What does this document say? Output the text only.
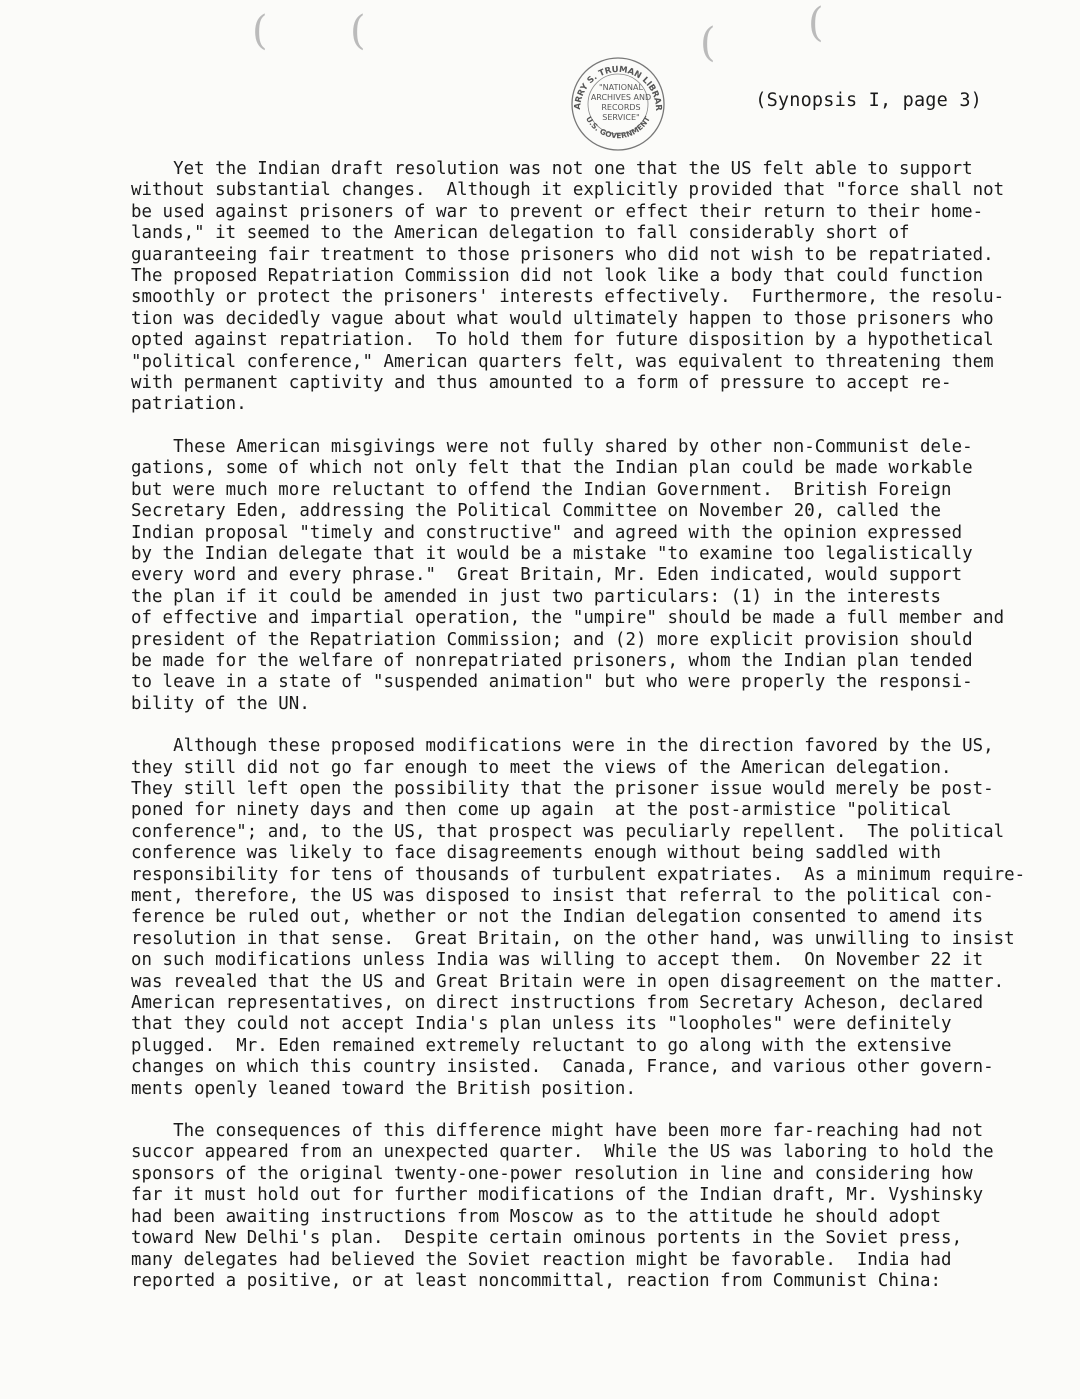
( (	( (
ARRY S. TRUMAN LIBRAR
U.S. GOVERNMENT
"NATIONAL
ARCHIVES AND
RECORDS
SERVICE"
(Synopsis I, page 3)
Yet the Indian draft resolution was not one that the US felt able to support
without substantial changes.  Although it explicitly provided that "force shall not
be used against prisoners of war to prevent or effect their return to their home-
lands," it seemed to the American delegation to fall considerably short of
guaranteeing fair treatment to those prisoners who did not wish to be repatriated.
The proposed Repatriation Commission did not look like a body that could function
smoothly or protect the prisoners' interests effectively.  Furthermore, the resolu-
tion was decidedly vague about what would ultimately happen to those prisoners who
opted against repatriation.  To hold them for future disposition by a hypothetical
"political conference," American quarters felt, was equivalent to threatening them
with permanent captivity and thus amounted to a form of pressure to accept re-
patriation.
These American misgivings were not fully shared by other non-Communist dele-
gations, some of which not only felt that the Indian plan could be made workable
but were much more reluctant to offend the Indian Government.  British Foreign
Secretary Eden, addressing the Political Committee on November 20, called the
Indian proposal "timely and constructive" and agreed with the opinion expressed
by the Indian delegate that it would be a mistake "to examine too legalistically
every word and every phrase."  Great Britain, Mr. Eden indicated, would support
the plan if it could be amended in just two particulars: (1) in the interests
of effective and impartial operation, the "umpire" should be made a full member and
president of the Repatriation Commission; and (2) more explicit provision should
be made for the welfare of nonrepatriated prisoners, whom the Indian plan tended
to leave in a state of "suspended animation" but who were properly the responsi-
bility of the UN.
Although these proposed modifications were in the direction favored by the US,
they still did not go far enough to meet the views of the American delegation.
They still left open the possibility that the prisoner issue would merely be post-
poned for ninety days and then come up again  at the post-armistice "political
conference"; and, to the US, that prospect was peculiarly repellent.  The political
conference was likely to face disagreements enough without being saddled with
responsibility for tens of thousands of turbulent expatriates.  As a minimum require-
ment, therefore, the US was disposed to insist that referral to the political con-
ference be ruled out, whether or not the Indian delegation consented to amend its
resolution in that sense.  Great Britain, on the other hand, was unwilling to insist
on such modifications unless India was willing to accept them.  On November 22 it
was revealed that the US and Great Britain were in open disagreement on the matter.
American representatives, on direct instructions from Secretary Acheson, declared
that they could not accept India's plan unless its "loopholes" were definitely
plugged.  Mr. Eden remained extremely reluctant to go along with the extensive
changes on which this country insisted.  Canada, France, and various other govern-
ments openly leaned toward the British position.
The consequences of this difference might have been more far-reaching had not
succor appeared from an unexpected quarter.  While the US was laboring to hold the
sponsors of the original twenty-one-power resolution in line and considering how
far it must hold out for further modifications of the Indian draft, Mr. Vyshinsky
had been awaiting instructions from Moscow as to the attitude he should adopt
toward New Delhi's plan.  Despite certain ominous portents in the Soviet press,
many delegates had believed the Soviet reaction might be favorable.  India had
reported a positive, or at least noncommittal, reaction from Communist China:
